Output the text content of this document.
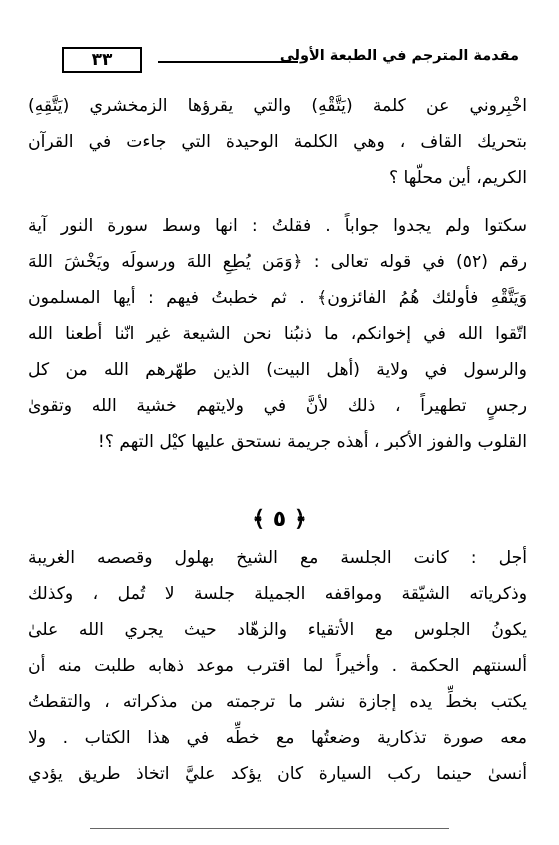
٣٣	مقدمة المترجم في الطبعة الأولى
اخْبِروني عن كلمة (يَتَّقْهِ) والتي يقرؤها الزمخشري (يَتَّقِهِ)
بتحريك القاف ، وهي الكلمة الوحيدة التي جاءت في القرآن
الكريم، أين محلّها ؟
سكتوا ولم يجدوا جواباً . فقلتُ : انها وسط سورة النور آية
رقم (٥٢) في قوله تعالى : ﴿وَمَن يُطِعِ اللهَ ورسولَه ويَخْشَ اللهَ
وَيَتَّقْهِ فأولئك هُمُ الفائزون﴾ . ثم خطبتُ فيهم : أيها المسلمون
اتّقوا الله في إخوانكم، ما ذنبُنا نحن الشيعة غير انّنا أطعنا الله
والرسول في ولاية (أهل البيت) الذين طهّرهم الله من كل
رجسٍ تطهيراً ، ذلك لأنَّ في ولايتهم خشية الله وتقوىٰ
القلوب والفوز الأكبر ، أهذه جريمة نستحق عليها كيْل التهم ؟!
﴿ ٥ ﴾
أجل : كانت الجلسة مع الشيخ بهلول وقصصه الغريبة
وذكرياته الشيّقة ومواقفه الجميلة جلسة لا تُمل ، وكذلك
يكونُ الجلوس مع الأتقياء والزهّاد حيث يجري الله علىٰ
ألسنتهم الحكمة . وأخيراً لما اقترب موعد ذهابه طلبت منه أن
يكتب بخطِّ يده إجازة نشر ما ترجمته من مذكراته ، والتقطتُ
معه صورة تذكارية وضعتُها مع خطِّه في هذا الكتاب . ولا
أنسىٰ حينما ركب السيارة كان يؤكد عليَّ اتخاذ طريق يؤدي
